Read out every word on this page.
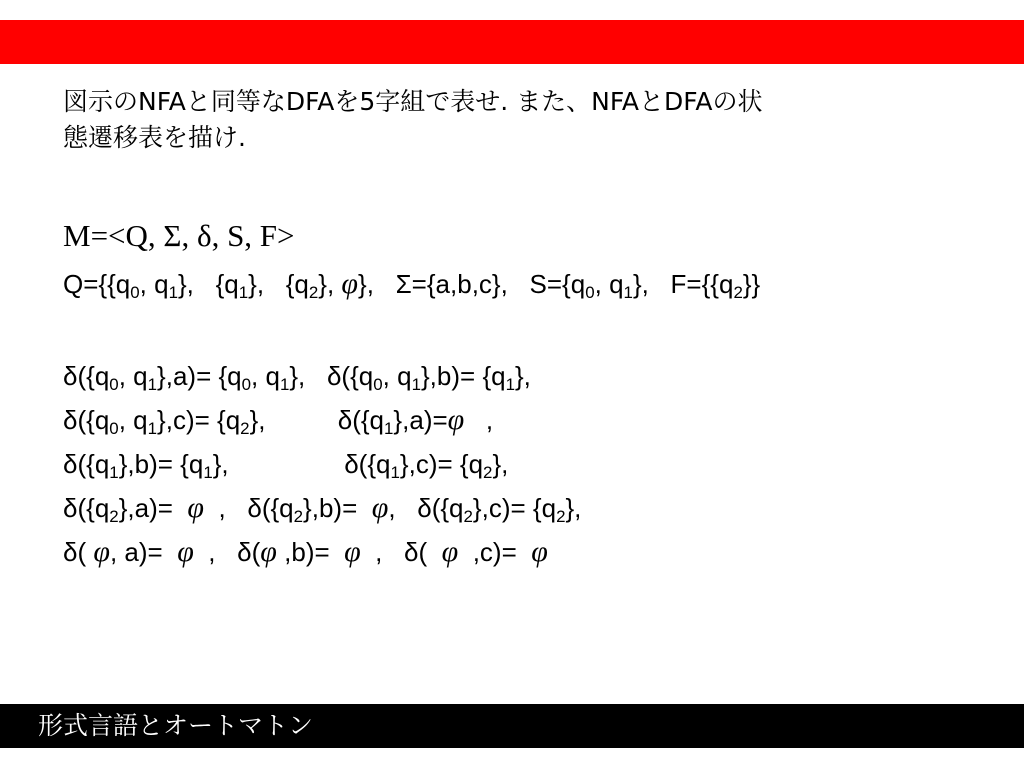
図示のNFAと同等なDFAを5字組で表せ. また、NFAとDFAの状
態遷移表を描け.

M=<Q, Σ, δ, S, F>
$Q=\{\{q_0$, $q_1$},   $\{q_1\}$,   $\{q_2\}$, φ},   Σ={a,b,c},   $S=\{q_0$, $q_1$},   $F=\{\{q_2\}\}$
$\delta(\{q_0$, $q_1\},a)= \{q_0$, $q_1$},   $\delta(\{q_0$, $q_1\},b)= \{q_1\}$,
$\delta(\{q_0$, $q_1\},c)= \{q_2\}$,          $\delta(\{q_1\},a)=\varphi$   ,
$\delta(\{q_1\},b)= \{q_1\}$,                $\delta(\{q_1\},c)= \{q_2\}$,
$\delta(\{q_2\},a)= \varphi$  ,   $\delta(\{q_2\},b)= \varphi$,   $\delta(\{q_2\},c)= \{q_2\}$,
δ( φ, a)=  φ  ,   δ(φ ,b)=  φ  ,   δ(  φ  ,c)=  φ
形式言語とオートマトン
